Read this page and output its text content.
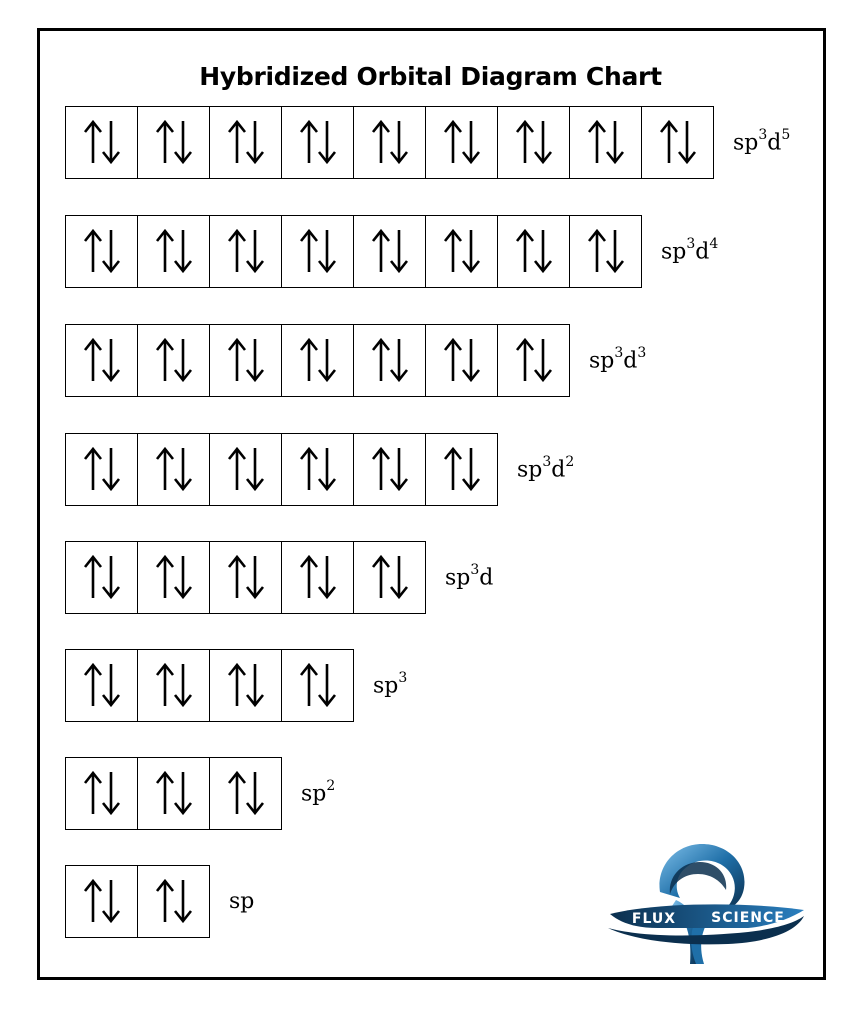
Hybridized Orbital Diagram Chart
$sp^3d^5$
$sp^3d^4$
$sp^3d^3$
$sp^3d^2$
$sp^3d$
$sp^3$
$sp^2$
sp
FLUX	SCIENCE
